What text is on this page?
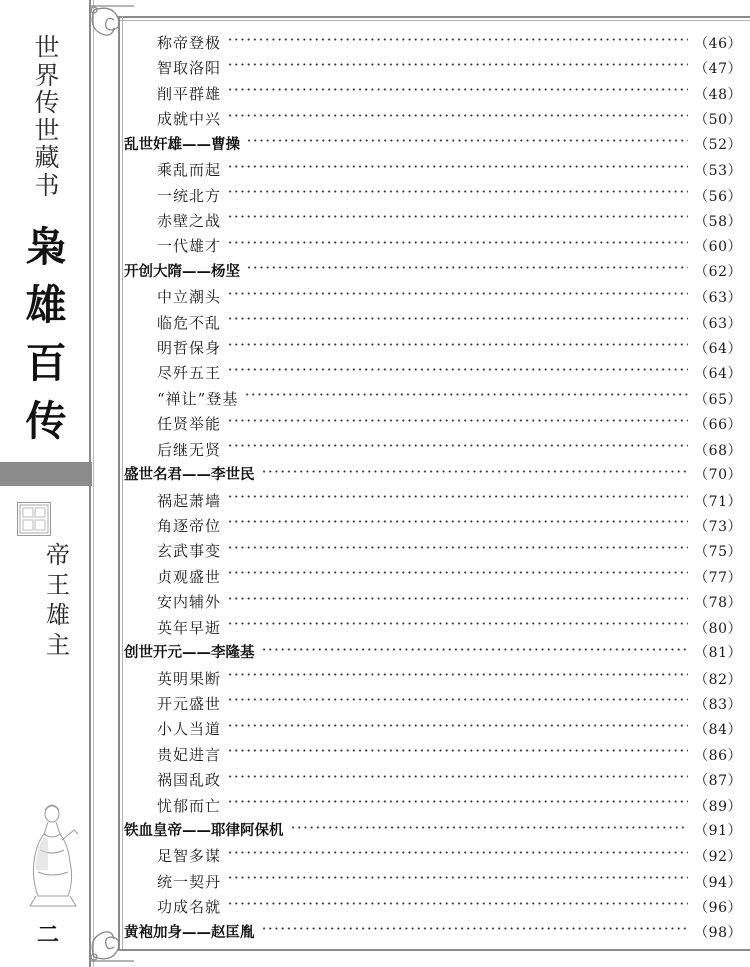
世
界
传
世
藏
书
枭
雄
百
传
帝
王
雄
主
二
称帝登极	（46）
智取洛阳	（47）
削平群雄	（48）
成就中兴	（50）
乱世奸雄——曹操	（52）
乘乱而起	（53）
一统北方	（56）
赤壁之战	（58）
一代雄才	（60）
开创大隋——杨坚	（62）
中立潮头	（63）
临危不乱	（63）
明哲保身	（64）
尽歼五王	（64）
“禅让”登基	（65）
任贤举能	（66）
后继无贤	（68）
盛世名君——李世民	（70）
祸起萧墙	（71）
角逐帝位	（73）
玄武事变	（75）
贞观盛世	（77）
安内辅外	（78）
英年早逝	（80）
创世开元——李隆基	（81）
英明果断	（82）
开元盛世	（83）
小人当道	（84）
贵妃进言	（86）
祸国乱政	（87）
忧郁而亡	（89）
铁血皇帝——耶律阿保机	（91）
足智多谋	（92）
统一契丹	（94）
功成名就	（96）
黄袍加身——赵匡胤	（98）
